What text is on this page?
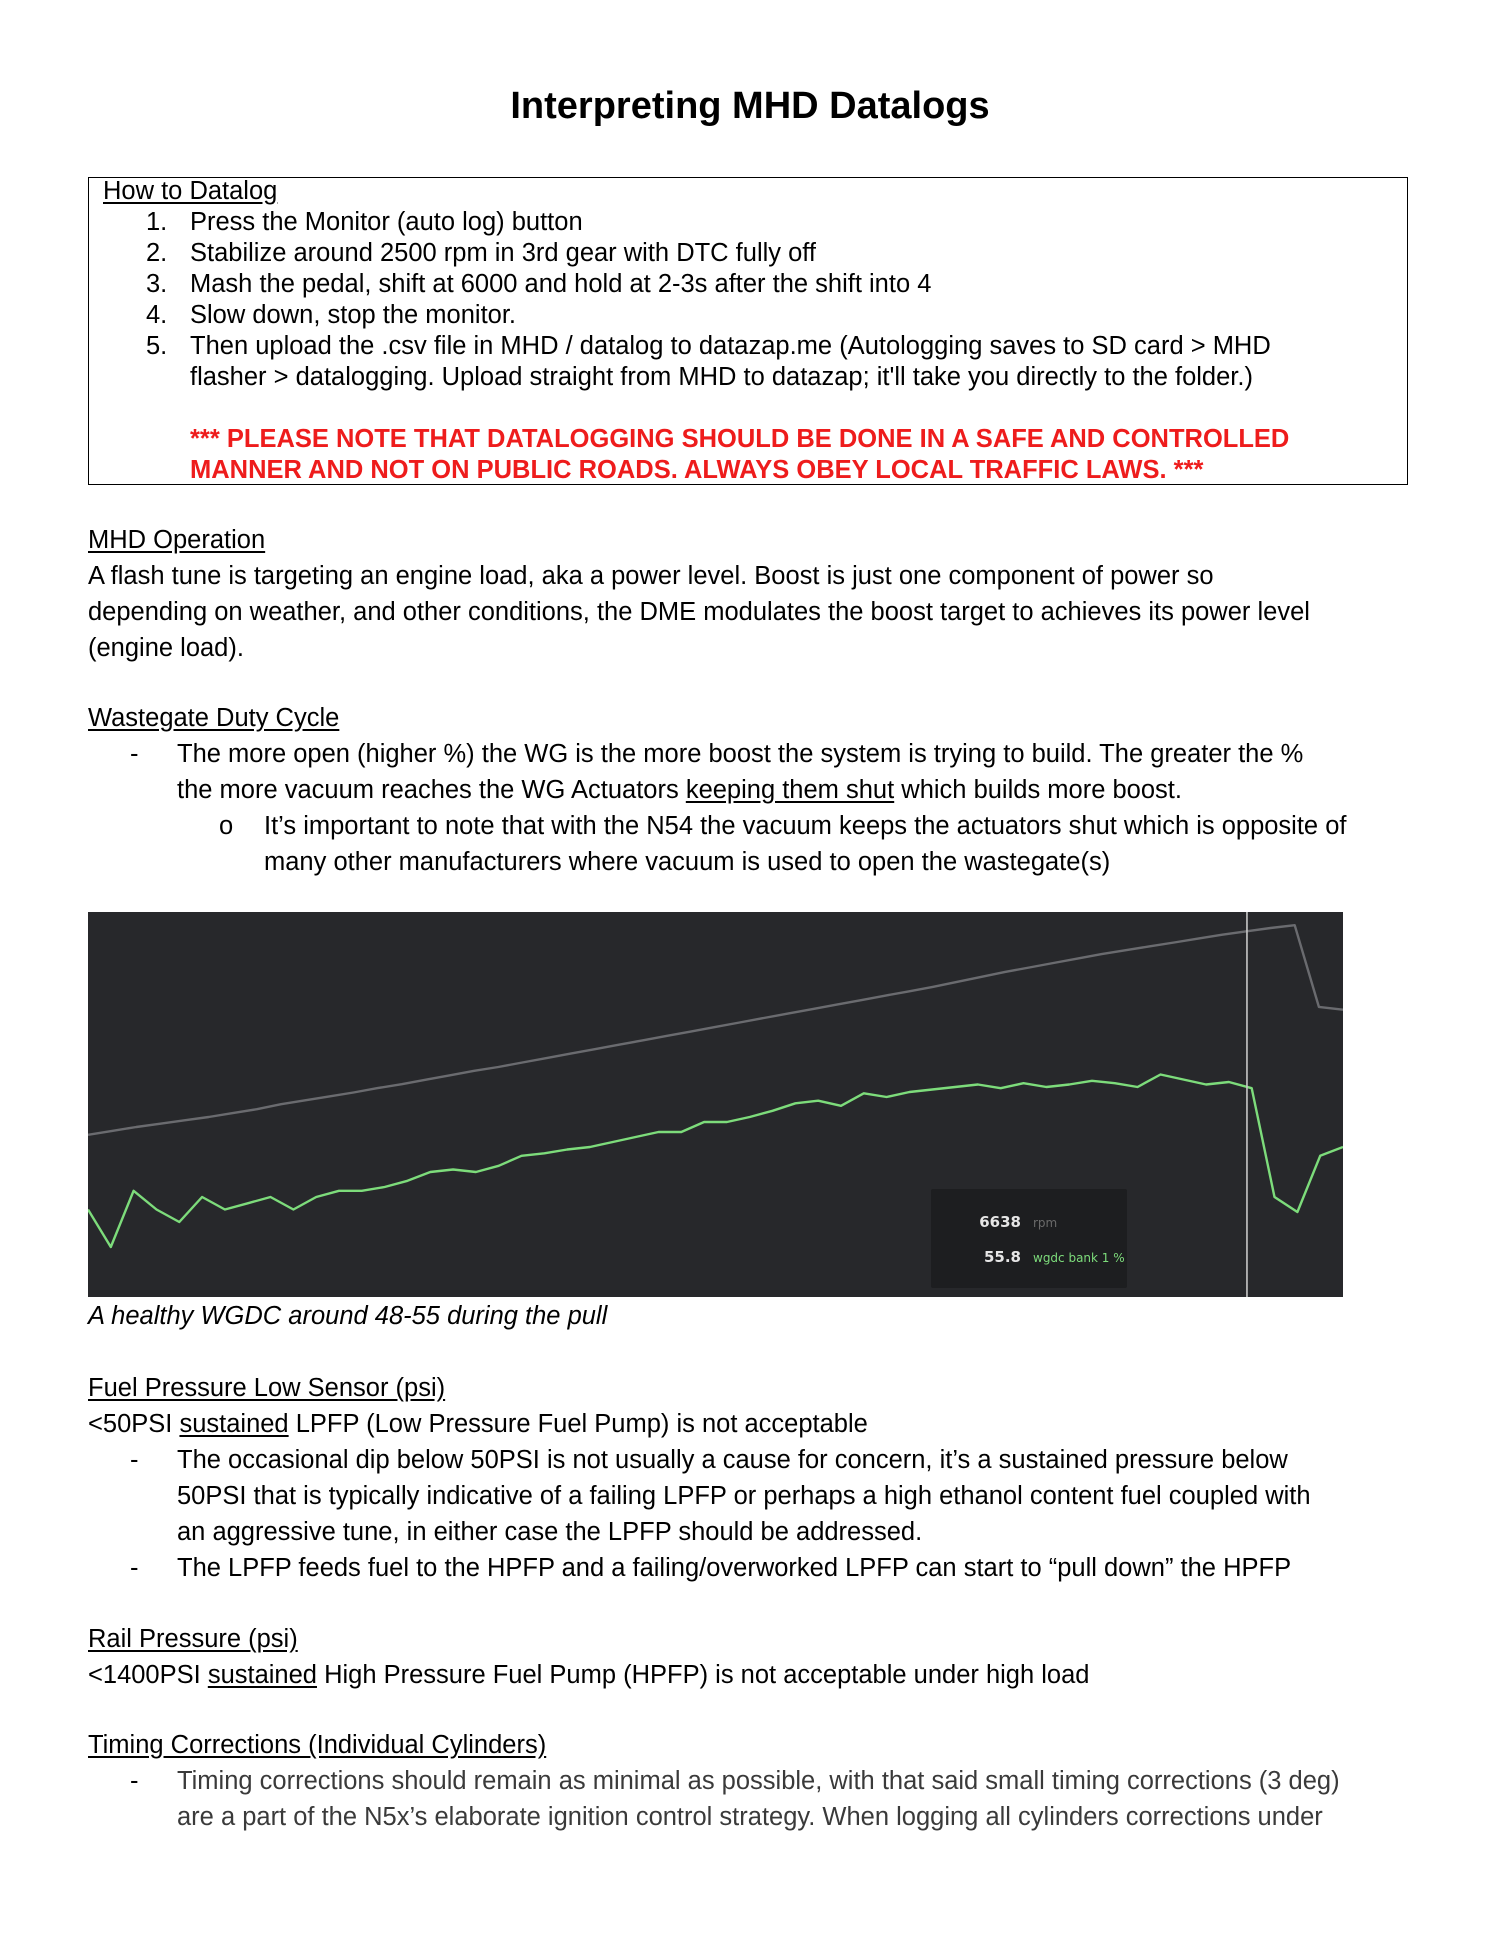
Interpreting MHD Datalogs
How to Datalog
1. Press the Monitor (auto log) button
2. Stabilize around 2500 rpm in 3rd gear with DTC fully off
3. Mash the pedal, shift at 6000 and hold at 2-3s after the shift into 4
4. Slow down, stop the monitor.
5. Then upload the .csv file in MHD / datalog to datazap.me (Autologging saves to SD card > MHD
flasher > datalogging. Upload straight from MHD to datazap; it'll take you directly to the folder.)
*** PLEASE NOTE THAT DATALOGGING SHOULD BE DONE IN A SAFE AND CONTROLLED
MANNER AND NOT ON PUBLIC ROADS. ALWAYS OBEY LOCAL TRAFFIC LAWS. ***
MHD Operation
A flash tune is targeting an engine load, aka a power level. Boost is just one component of power so
depending on weather, and other conditions, the DME modulates the boost target to achieves its power level
(engine load).
Wastegate Duty Cycle
- The more open (higher %) the WG is the more boost the system is trying to build. The greater the %
the more vacuum reaches the WG Actuators keeping them shut which builds more boost.
o It’s important to note that with the N54 the vacuum keeps the actuators shut which is opposite of
many other manufacturers where vacuum is used to open the wastegate(s)
6638 rpm
55.8 wgdc bank 1 %
A healthy WGDC around 48-55 during the pull
Fuel Pressure Low Sensor (psi)
<50PSI sustained LPFP (Low Pressure Fuel Pump) is not acceptable
- The occasional dip below 50PSI is not usually a cause for concern, it’s a sustained pressure below
50PSI that is typically indicative of a failing LPFP or perhaps a high ethanol content fuel coupled with
an aggressive tune, in either case the LPFP should be addressed.
- The LPFP feeds fuel to the HPFP and a failing/overworked LPFP can start to “pull down” the HPFP
Rail Pressure (psi)
<1400PSI sustained High Pressure Fuel Pump (HPFP) is not acceptable under high load
Timing Corrections (Individual Cylinders)
- Timing corrections should remain as minimal as possible, with that said small timing corrections (3 deg)
are a part of the N5x’s elaborate ignition control strategy. When logging all cylinders corrections under
